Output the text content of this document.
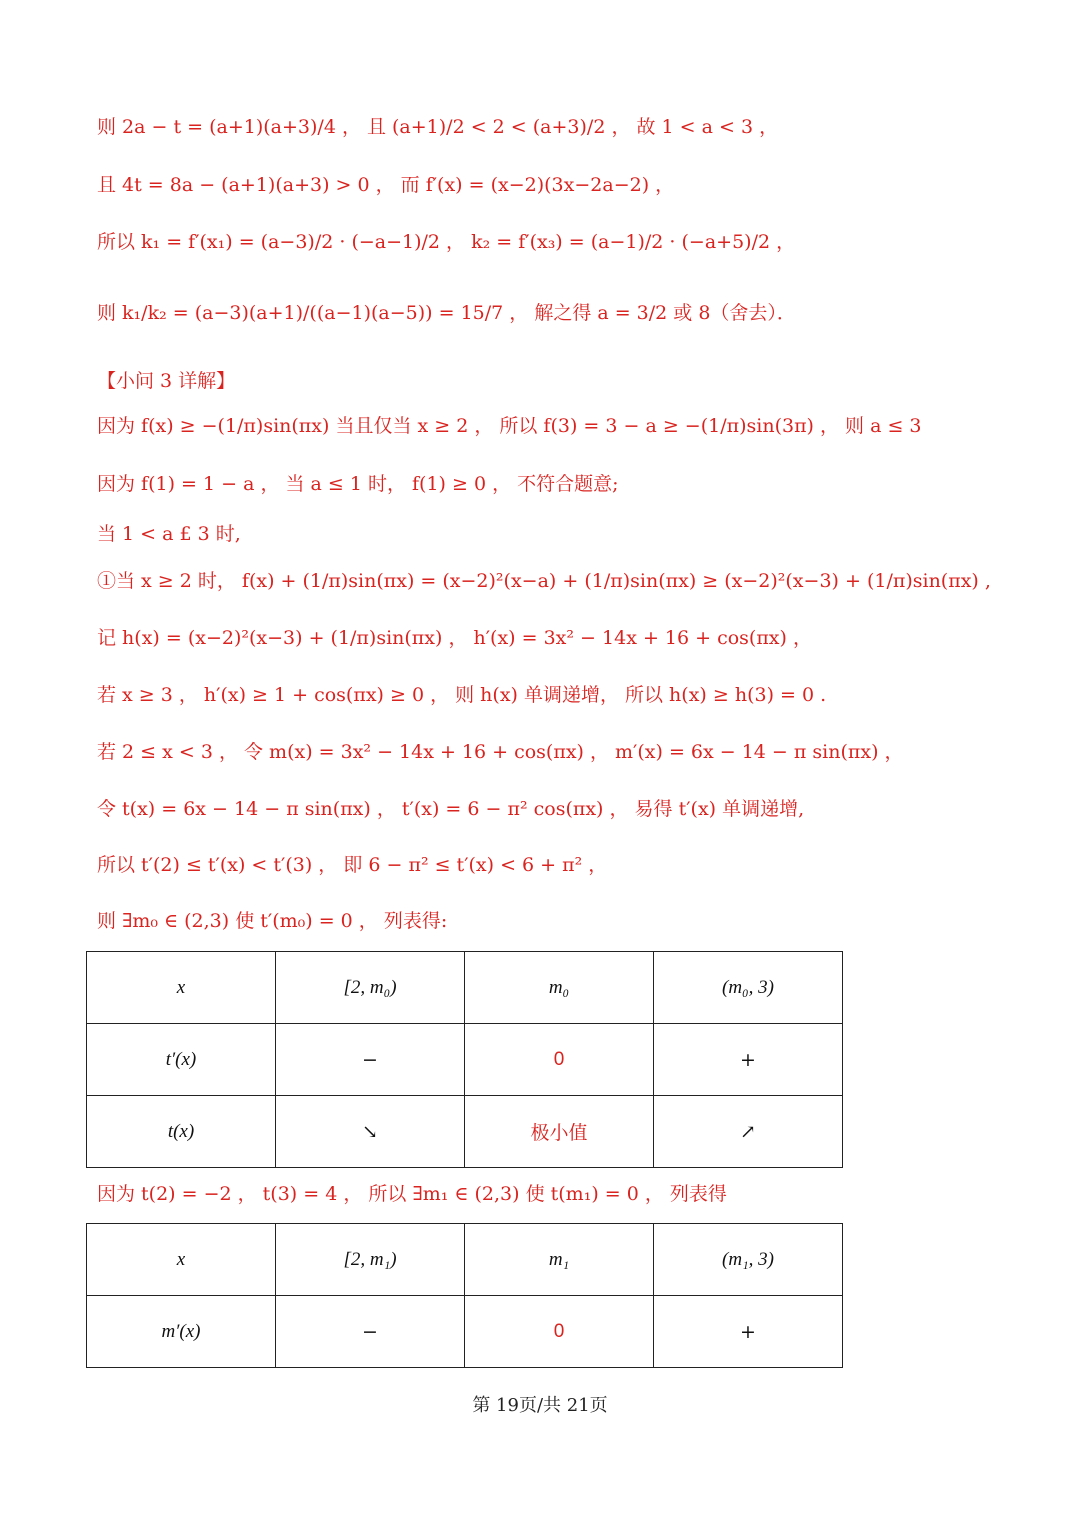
则 2a − t = (a+1)(a+3)/4 ， 且 (a+1)/2 < 2 < (a+3)/2 ， 故 1 < a < 3 ，
且 4t = 8a − (a+1)(a+3) > 0 ， 而 f′(x) = (x−2)(3x−2a−2) ，
所以 k₁ = f′(x₁) = (a−3)/2 · (−a−1)/2 ， k₂ = f′(x₃) = (a−1)/2 · (−a+5)/2 ，
则 k₁/k₂ = (a−3)(a+1)/((a−1)(a−5)) = 15/7 ， 解之得 a = 3/2 或 8（舍去）．
【小问 3 详解】
因为 f(x) ≥ −(1/π)sin(πx) 当且仅当 x ≥ 2 ， 所以 f(3) = 3 − a ≥ −(1/π)sin(3π) ， 则 a ≤ 3
因为 f(1) = 1 − a ， 当 a ≤ 1 时， f(1) ≥ 0 ， 不符合题意;
当 1 < a £ 3 时,
①当 x ≥ 2 时， f(x) + (1/π)sin(πx) = (x−2)²(x−a) + (1/π)sin(πx) ≥ (x−2)²(x−3) + (1/π)sin(πx) ,
记 h(x) = (x−2)²(x−3) + (1/π)sin(πx) ， h′(x) = 3x² − 14x + 16 + cos(πx) ，
若 x ≥ 3 ， h′(x) ≥ 1 + cos(πx) ≥ 0 ， 则 h(x) 单调递增， 所以 h(x) ≥ h(3) = 0 .
若 2 ≤ x < 3 ， 令 m(x) = 3x² − 14x + 16 + cos(πx) ， m′(x) = 6x − 14 − π sin(πx) ，
令 t(x) = 6x − 14 − π sin(πx) ， t′(x) = 6 − π² cos(πx) ， 易得 t′(x) 单调递增,
所以 t′(2) ≤ t′(x) < t′(3) ， 即 6 − π² ≤ t′(x) < 6 + π² ，
则 ∃m₀ ∈ (2,3) 使 t′(m₀) = 0 ， 列表得:
x	[2, m₀)	m₀	(m₀, 3)
t′(x)	−	0	+
t(x)	↘	极小值	↗
因为 t(2) = −2 ， t(3) = 4 ， 所以 ∃m₁ ∈ (2,3) 使 t(m₁) = 0 ， 列表得
x	[2, m₁)	m₁	(m₁, 3)
m′(x)	−	0	+
第 19页/共 21页
